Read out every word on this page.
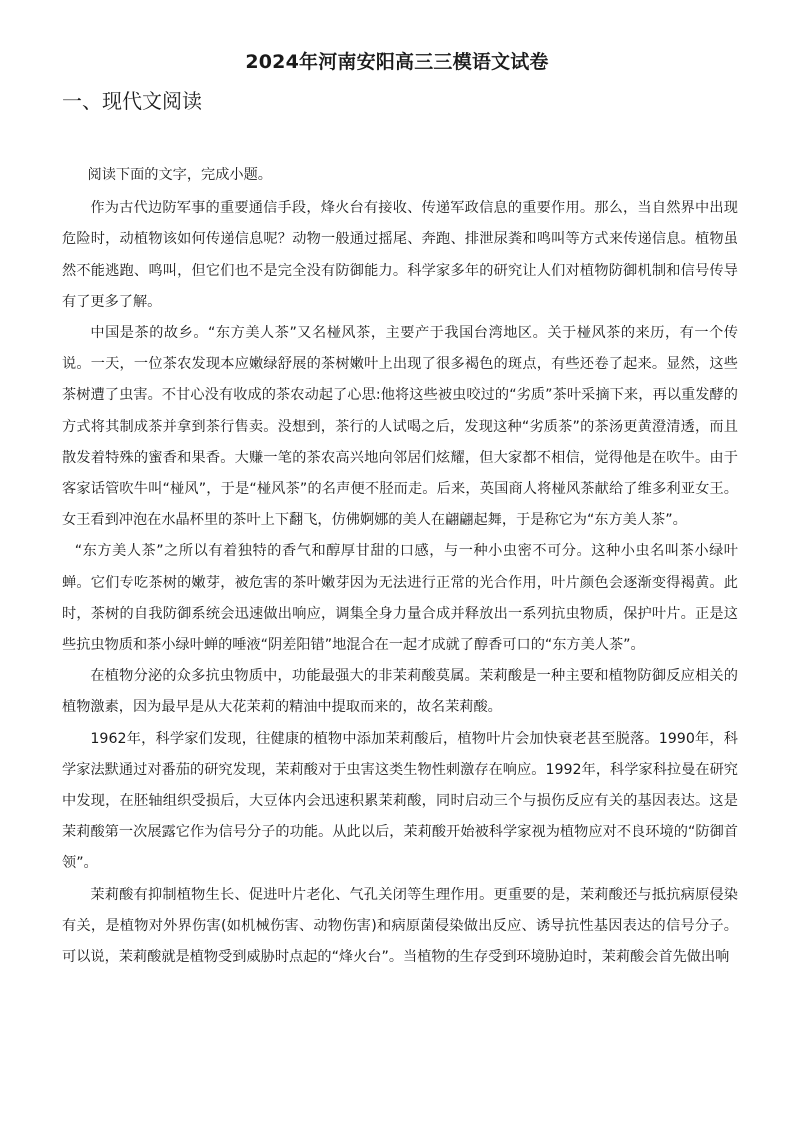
2024年河南安阳高三三模语文试卷
一、现代文阅读

阅读下面的文字，完成小题。

作为古代边防军事的重要通信手段，烽火台有接收、传递军政信息的重要作用。那么，当自然界中出现危险时，动植物该如何传递信息呢？动物一般通过摇尾、奔跑、排泄尿粪和鸣叫等方式来传递信息。植物虽然不能逃跑、鸣叫，但它们也不是完全没有防御能力。科学家多年的研究让人们对植物防御机制和信号传导有了更多了解。

中国是茶的故乡。“东方美人茶”又名椪风茶，主要产于我国台湾地区。关于椪风茶的来历，有一个传说。一天，一位茶农发现本应嫩绿舒展的茶树嫩叶上出现了很多褐色的斑点，有些还卷了起来。显然，这些茶树遭了虫害。不甘心没有收成的茶农动起了心思:他将这些被虫咬过的“劣质”茶叶采摘下来，再以重发酵的方式将其制成茶并拿到茶行售卖。没想到，茶行的人试喝之后，发现这种“劣质茶”的茶汤更黄澄清透，而且散发着特殊的蜜香和果香。大赚一笔的茶农高兴地向邻居们炫耀，但大家都不相信，觉得他是在吹牛。由于客家话管吹牛叫“椪风”，于是“椪风茶”的名声便不胫而走。后来，英国商人将椪风茶献给了维多利亚女王。女王看到冲泡在水晶杯里的茶叶上下翻飞，仿佛婀娜的美人在翩翩起舞，于是称它为“东方美人茶”。

“东方美人茶”之所以有着独特的香气和醇厚甘甜的口感，与一种小虫密不可分。这种小虫名叫茶小绿叶蝉。它们专吃茶树的嫩芽，被危害的茶叶嫩芽因为无法进行正常的光合作用，叶片颜色会逐渐变得褐黄。此时，茶树的自我防御系统会迅速做出响应，调集全身力量合成并释放出一系列抗虫物质，保护叶片。正是这些抗虫物质和茶小绿叶蝉的唾液“阴差阳错”地混合在一起才成就了醇香可口的“东方美人茶”。

在植物分泌的众多抗虫物质中，功能最强大的非茉莉酸莫属。茉莉酸是一种主要和植物防御反应相关的植物激素，因为最早是从大花茉莉的精油中提取而来的，故名茉莉酸。

1962年，科学家们发现，往健康的植物中添加茉莉酸后，植物叶片会加快衰老甚至脱落。1990年，科学家法默通过对番茄的研究发现，茉莉酸对于虫害这类生物性刺激存在响应。1992年，科学家科拉曼在研究中发现，在胚轴组织受损后，大豆体内会迅速积累茉莉酸，同时启动三个与损伤反应有关的基因表达。这是茉莉酸第一次展露它作为信号分子的功能。从此以后，茉莉酸开始被科学家视为植物应对不良环境的“防御首领”。

茉莉酸有抑制植物生长、促进叶片老化、气孔关闭等生理作用。更重要的是，茉莉酸还与抵抗病原侵染有关，是植物对外界伤害(如机械伤害、动物伤害)和病原菌侵染做出反应、诱导抗性基因表达的信号分子。可以说，茉莉酸就是植物受到威胁时点起的“烽火台”。当植物的生存受到环境胁迫时，茉莉酸会首先做出响
